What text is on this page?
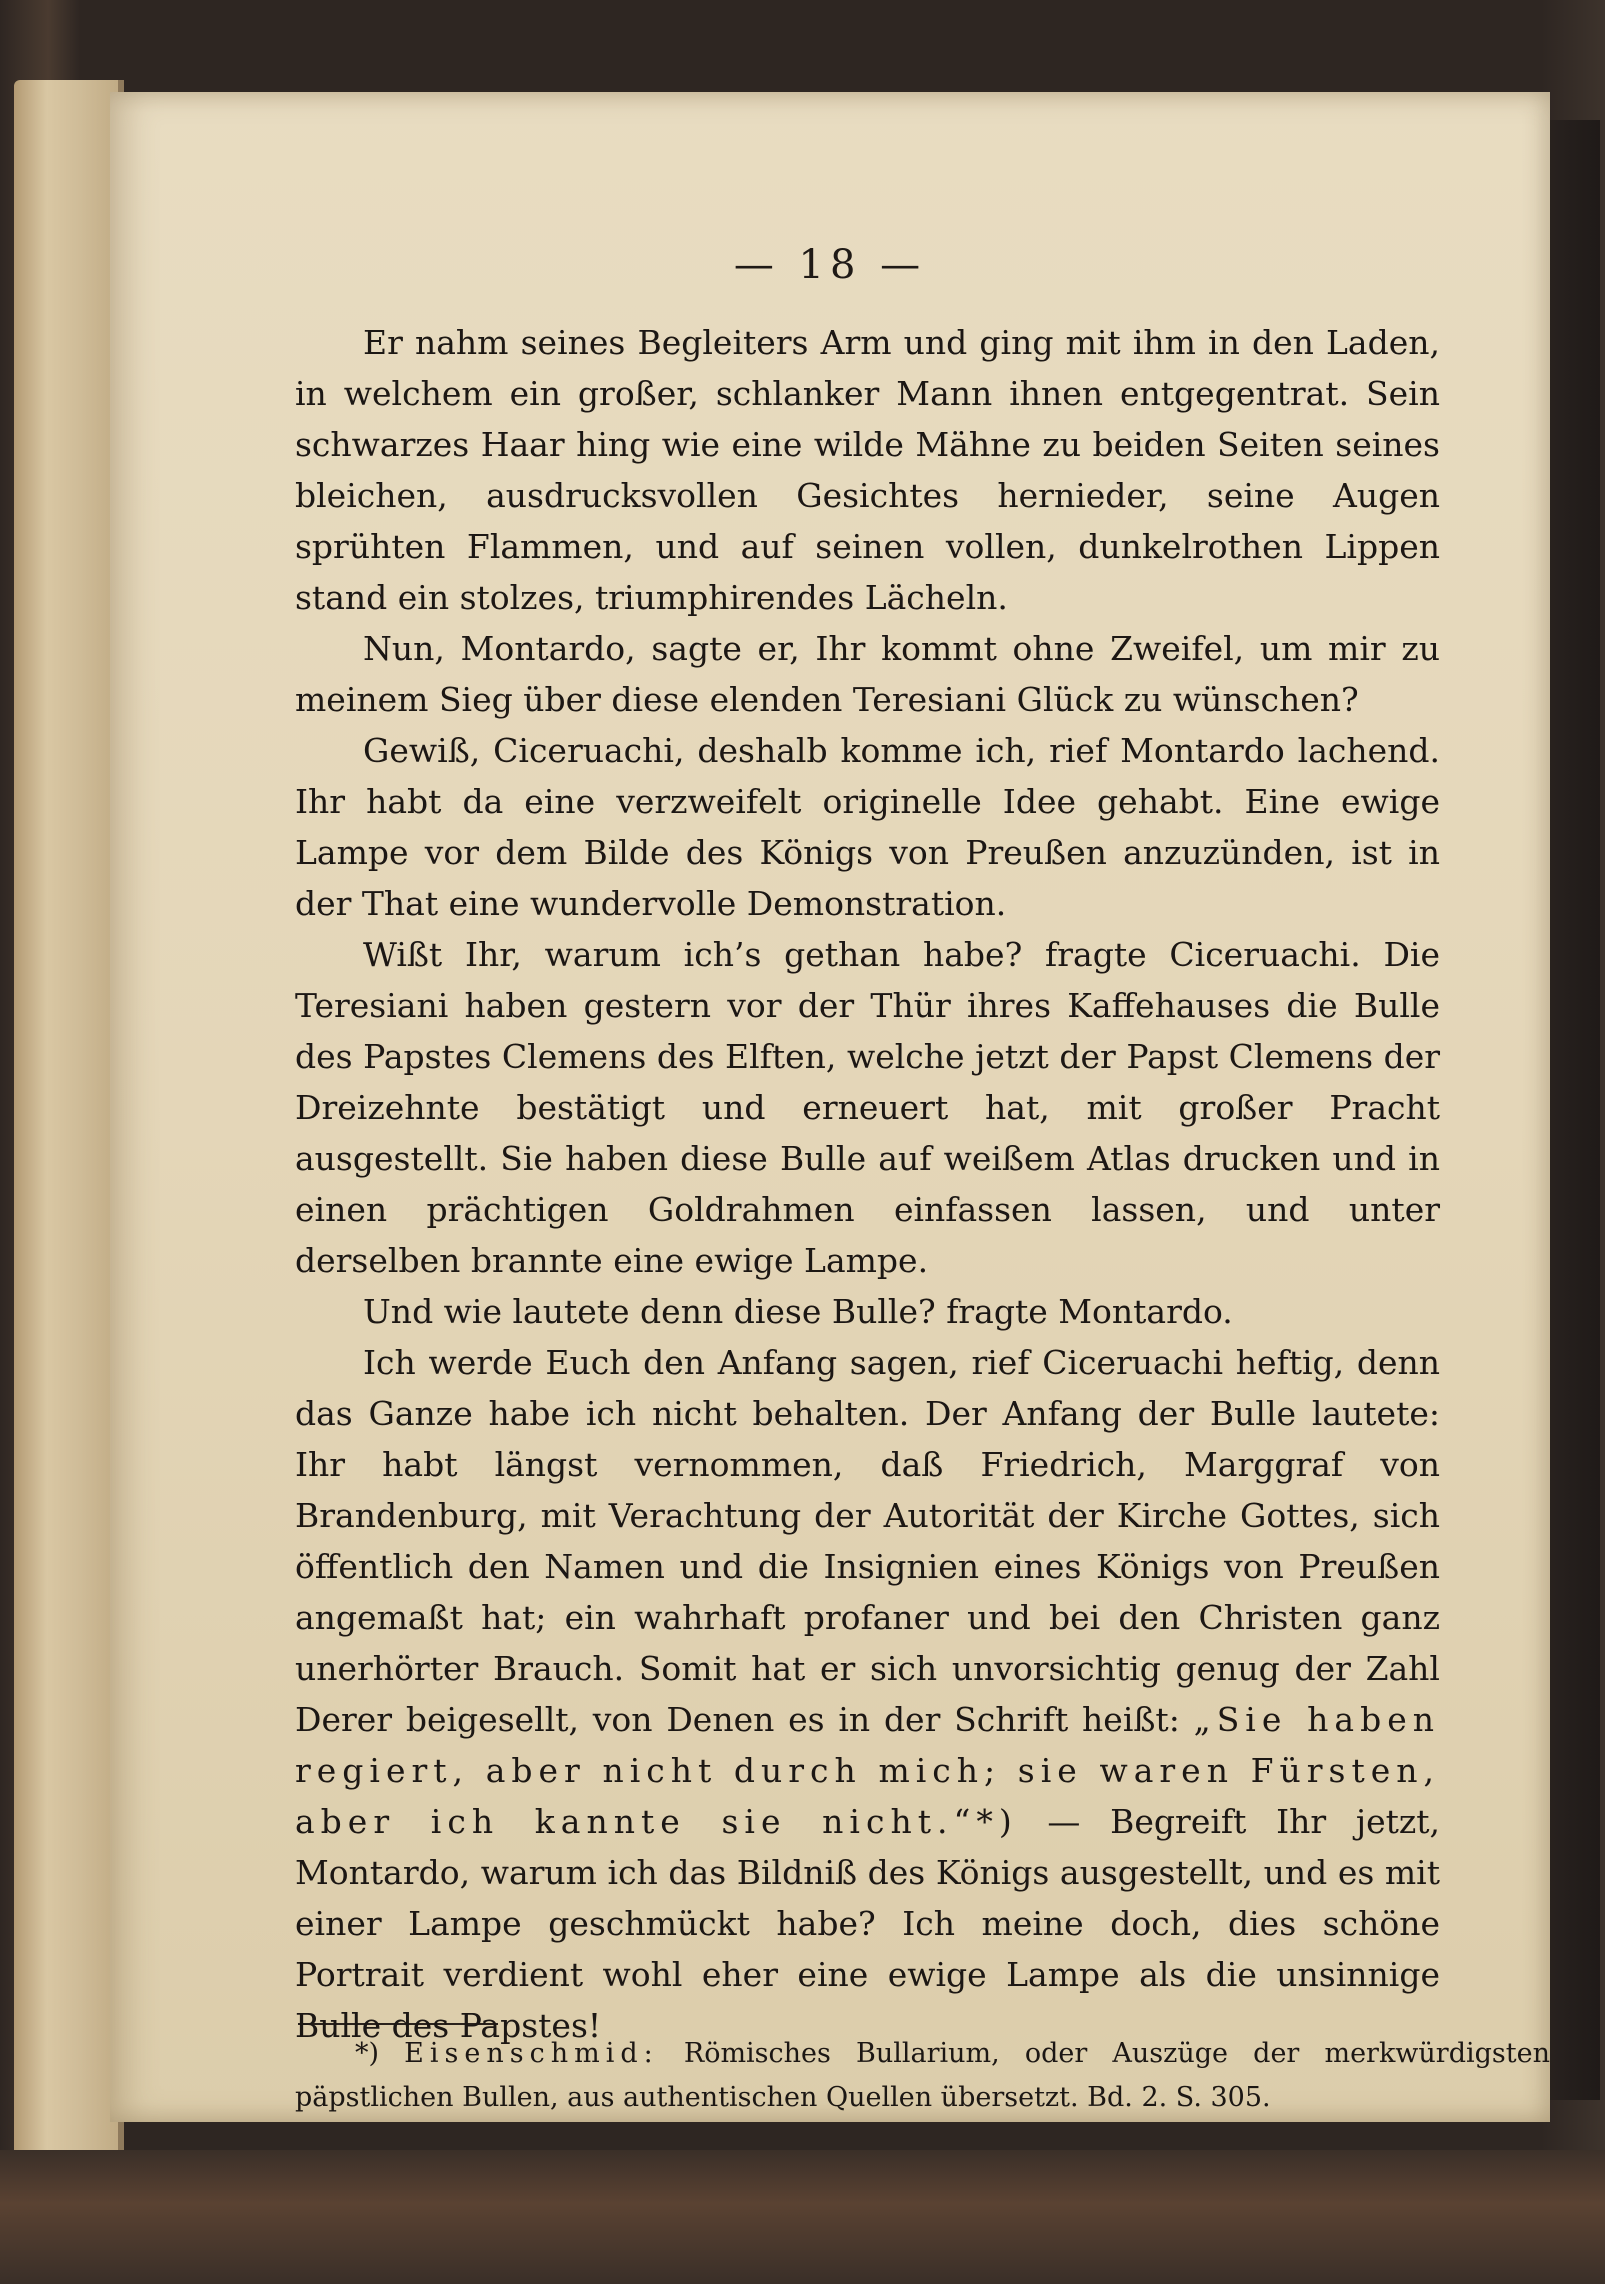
— 18 —
*) Eisenschmid: Römisches Bullarium, oder Auszüge der merkwürdigsten päpstlichen Bullen, aus authentischen Quellen übersetzt. Bd. 2. S. 305.

Er nahm seines Begleiters Arm und ging mit ihm in den Laden, in welchem ein großer, schlanker Mann ihnen entgegentrat. Sein schwarzes Haar hing wie eine wilde Mähne zu beiden Seiten seines bleichen, ausdrucksvollen Gesichtes hernieder, seine Augen sprühten Flammen, und auf seinen vollen, dunkelrothen Lippen stand ein stolzes, triumphirendes Lächeln.

Nun, Montardo, sagte er, Ihr kommt ohne Zweifel, um mir zu meinem Sieg über diese elenden Teresiani Glück zu wünschen?

Gewiß, Ciceruachi, deshalb komme ich, rief Montardo lachend. Ihr habt da eine verzweifelt originelle Idee gehabt. Eine ewige Lampe vor dem Bilde des Königs von Preußen anzuzünden, ist in der That eine wundervolle Demonstration.

Wißt Ihr, warum ich’s gethan habe? fragte Ciceruachi. Die Teresiani haben gestern vor der Thür ihres Kaffehauses die Bulle des Papstes Clemens des Elften, welche jetzt der Papst Clemens der Dreizehnte bestätigt und erneuert hat, mit großer Pracht ausgestellt. Sie haben diese Bulle auf weißem Atlas drucken und in einen prächtigen Goldrahmen einfassen lassen, und unter derselben brannte eine ewige Lampe.

Und wie lautete denn diese Bulle? fragte Montardo.

Ich werde Euch den Anfang sagen, rief Ciceruachi heftig, denn das Ganze habe ich nicht behalten. Der Anfang der Bulle lautete: Ihr habt längst vernommen, daß Friedrich, Marggraf von Brandenburg, mit Verachtung der Autorität der Kirche Gottes, sich öffentlich den Namen und die Insignien eines Königs von Preußen angemaßt hat; ein wahrhaft profaner und bei den Christen ganz unerhörter Brauch. Somit hat er sich unvorsichtig genug der Zahl Derer beigesellt, von Denen es in der Schrift heißt: „Sie haben regiert, aber nicht durch mich; sie waren Fürsten, aber ich kannte sie nicht.“*) — Begreift Ihr jetzt, Montardo, warum ich das Bildniß des Königs ausgestellt, und es mit einer Lampe geschmückt habe? Ich meine doch, dies schöne Portrait verdient wohl eher eine ewige Lampe als die unsinnige Bulle des Papstes!
